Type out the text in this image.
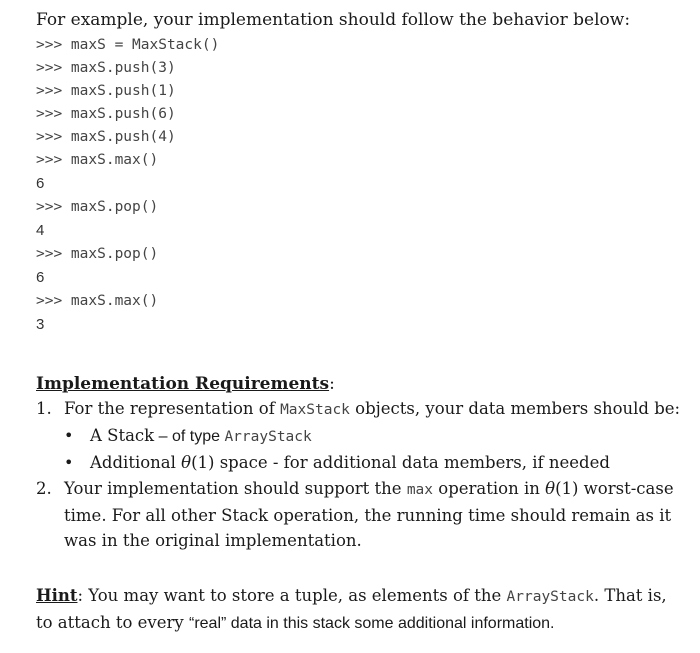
For example, your implementation should follow the behavior below:

>>> maxS = MaxStack()
>>> maxS.push(3)
>>> maxS.push(1)
>>> maxS.push(6)
>>> maxS.push(4)
>>> maxS.max()
6
>>> maxS.pop()
4
>>> maxS.pop()
6
>>> maxS.max()
3
Implementation Requirements:
1. For the representation of MaxStack objects, your data members should be:
• A Stack – of type ArrayStack
• Additional θ(1) space - for additional data members, if needed
2. Your implementation should support the max operation in θ(1) worst-case time. For all other Stack operation, the running time should remain as it was in the original implementation.

Hint: You may want to store a tuple, as elements of the ArrayStack. That is, to attach to every “real” data in this stack some additional information.
